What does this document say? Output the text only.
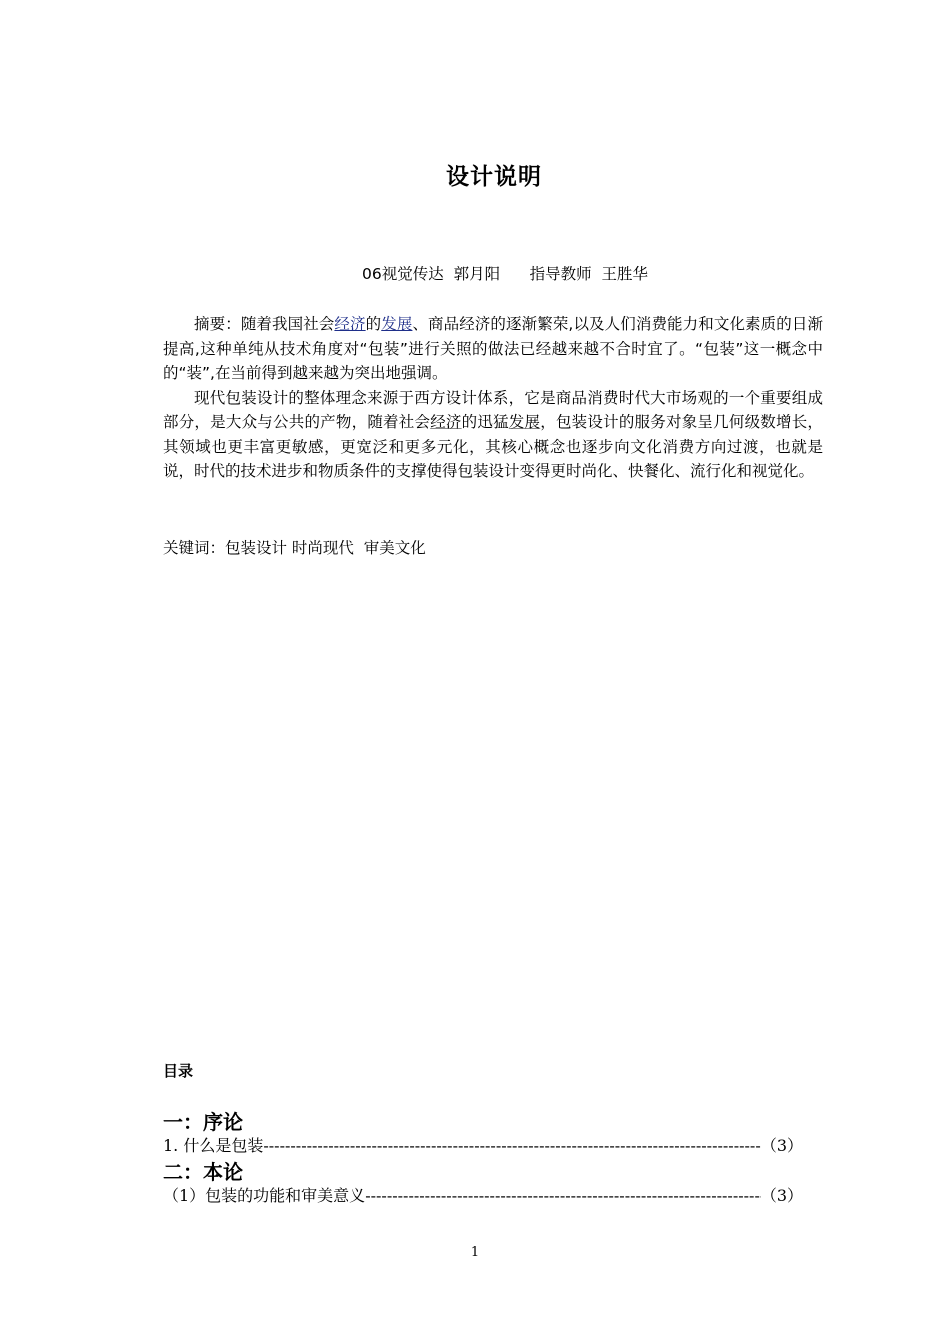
设计说明
06视觉传达  郭月阳      指导教师  王胜华

摘要：随着我国社会经济的发展、商品经济的逐渐繁荣,以及人们消费能力和文化素质的日渐提高,这种单纯从技术角度对“包装”进行关照的做法已经越来越不合时宜了。“包装”这一概念中的“装”,在当前得到越来越为突出地强调。

现代包装设计的整体理念来源于西方设计体系，它是商品消费时代大市场观的一个重要组成部分，是大众与公共的产物，随着社会经济的迅猛发展，包装设计的服务对象呈几何级数增长，其领域也更丰富更敏感，更宽泛和更多元化，其核心概念也逐步向文化消费方向过渡，也就是说，时代的技术进步和物质条件的支撑使得包装设计变得更时尚化、快餐化、流行化和视觉化。

关键词：包装设计 时尚现代  审美文化
目录
一：序论
1. 什么是包装 -----	（3）
二：本论
（1）包装的功能和审美意义 -----	（3）
1
